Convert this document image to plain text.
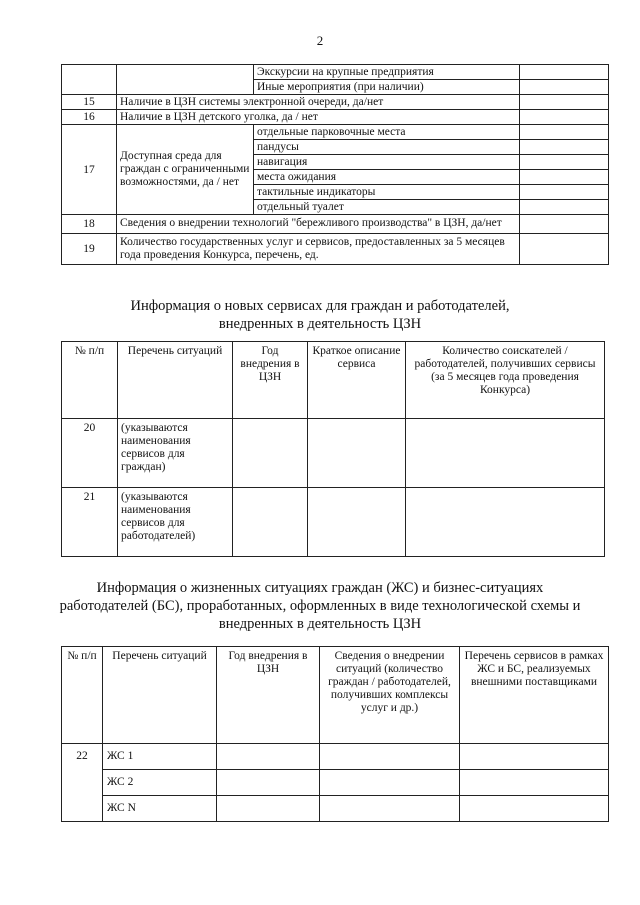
2
		Экскурсии на крупные предприятия	
		Иные мероприятия (при наличии)	
15	Наличие в ЦЗН системы электронной очереди, да/нет		
16	Наличие в ЦЗН детского уголка, да / нет		
17	Доступная среда для граждан с ограниченными возможностями, да / нет	отдельные парковочные места	
		пандусы	
		навигация	
		места ожидания	
		тактильные индикаторы	
		отдельный туалет	
18	Сведения о внедрении технологий "бережливого производства" в ЦЗН, да/нет		
19	Количество государственных услуг и сервисов, предоставленных за 5 месяцев года проведения Конкурса, перечень, ед.		
Информация о новых сервисах для граждан и работодателей,
внедренных в деятельность ЦЗН
№ п/п	Перечень ситуаций	Год внедрения в ЦЗН	Краткое описание сервиса	Количество соискателей / работодателей, получивших сервисы (за 5 месяцев года проведения Конкурса)
20	(указываются наименования сервисов для граждан)			
21	(указываются наименования сервисов для работодателей)			
Информация о жизненных ситуациях граждан (ЖС) и бизнес-ситуациях
работодателей (БС), проработанных, оформленных в виде технологической схемы и
внедренных в деятельность ЦЗН
№ п/п	Перечень ситуаций	Год внедрения в ЦЗН	Сведения о внедрении ситуаций (количество граждан / работодателей, получивших комплексы услуг и др.)	Перечень сервисов в рамках ЖС и БС, реализуемых внешними поставщиками
22	ЖС 1			
	ЖС 2			
	ЖС N			
